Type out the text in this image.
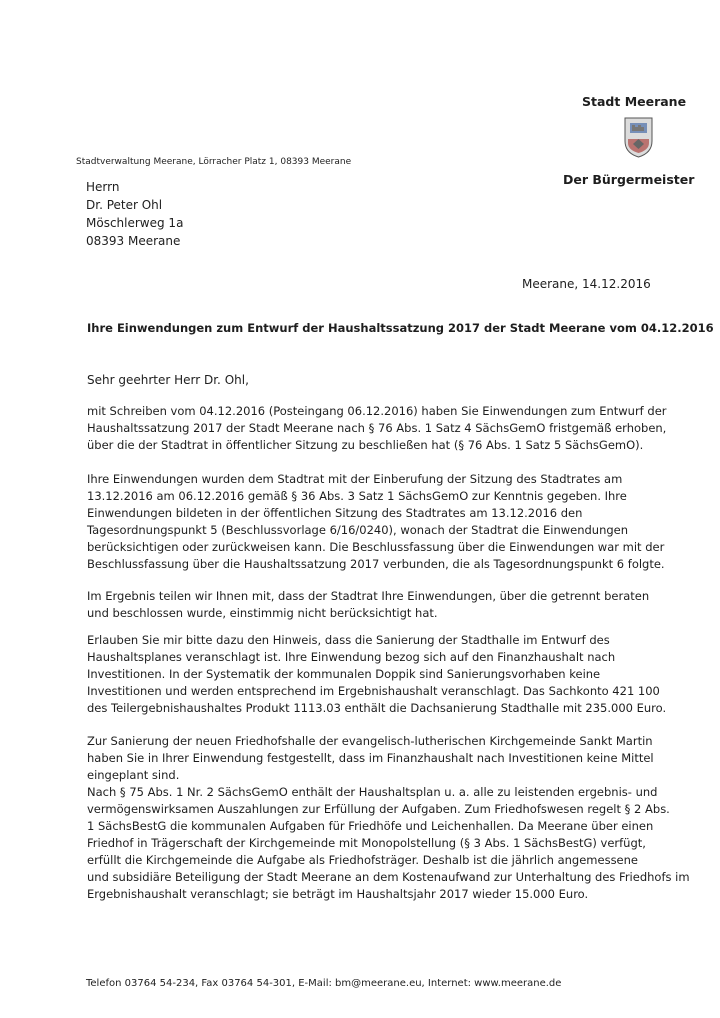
Stadt Meerane
Der Bürgermeister
Stadtverwaltung Meerane, Lörracher Platz 1, 08393 Meerane
Herrn
Dr. Peter Ohl
Möschlerweg 1a
08393 Meerane
Meerane, 14.12.2016
Ihre Einwendungen zum Entwurf der Haushaltssatzung 2017 der Stadt Meerane vom 04.12.2016
Sehr geehrter Herr Dr. Ohl,
mit Schreiben vom 04.12.2016 (Posteingang 06.12.2016) haben Sie Einwendungen zum Entwurf der
Haushaltssatzung 2017 der Stadt Meerane nach § 76 Abs. 1 Satz 4 SächsGemO fristgemäß erhoben,
über die der Stadtrat in öffentlicher Sitzung zu beschließen hat (§ 76 Abs. 1 Satz 5 SächsGemO).
Ihre Einwendungen wurden dem Stadtrat mit der Einberufung der Sitzung des Stadtrates am
13.12.2016 am 06.12.2016 gemäß § 36 Abs. 3 Satz 1 SächsGemO zur Kenntnis gegeben. Ihre
Einwendungen bildeten in der öffentlichen Sitzung des Stadtrates am 13.12.2016 den
Tagesordnungspunkt 5 (Beschlussvorlage 6/16/0240), wonach der Stadtrat die Einwendungen
berücksichtigen oder zurückweisen kann. Die Beschlussfassung über die Einwendungen war mit der
Beschlussfassung über die Haushaltssatzung 2017 verbunden, die als Tagesordnungspunkt 6 folgte.
Im Ergebnis teilen wir Ihnen mit, dass der Stadtrat Ihre Einwendungen, über die getrennt beraten
und beschlossen wurde, einstimmig nicht berücksichtigt hat.
Erlauben Sie mir bitte dazu den Hinweis, dass die Sanierung der Stadthalle im Entwurf des
Haushaltsplanes veranschlagt ist. Ihre Einwendung bezog sich auf den Finanzhaushalt nach
Investitionen. In der Systematik der kommunalen Doppik sind Sanierungsvorhaben keine
Investitionen und werden entsprechend im Ergebnishaushalt veranschlagt. Das Sachkonto 421 100
des Teilergebnishaushaltes Produkt 1113.03 enthält die Dachsanierung Stadthalle mit 235.000 Euro.
Zur Sanierung der neuen Friedhofshalle der evangelisch-lutherischen Kirchgemeinde Sankt Martin
haben Sie in Ihrer Einwendung festgestellt, dass im Finanzhaushalt nach Investitionen keine Mittel
eingeplant sind.
Nach § 75 Abs. 1 Nr. 2 SächsGemO enthält der Haushaltsplan u. a. alle zu leistenden ergebnis- und
vermögenswirksamen Auszahlungen zur Erfüllung der Aufgaben. Zum Friedhofswesen regelt § 2 Abs.
1 SächsBestG die kommunalen Aufgaben für Friedhöfe und Leichenhallen. Da Meerane über einen
Friedhof in Trägerschaft der Kirchgemeinde mit Monopolstellung (§ 3 Abs. 1 SächsBestG) verfügt,
erfüllt die Kirchgemeinde die Aufgabe als Friedhofsträger. Deshalb ist die jährlich angemessene
und subsidiäre Beteiligung der Stadt Meerane an dem Kostenaufwand zur Unterhaltung des Friedhofs im
Ergebnishaushalt veranschlagt; sie beträgt im Haushaltsjahr 2017 wieder 15.000 Euro.
Telefon 03764 54-234, Fax 03764 54-301, E-Mail: bm@meerane.eu, Internet: www.meerane.de
